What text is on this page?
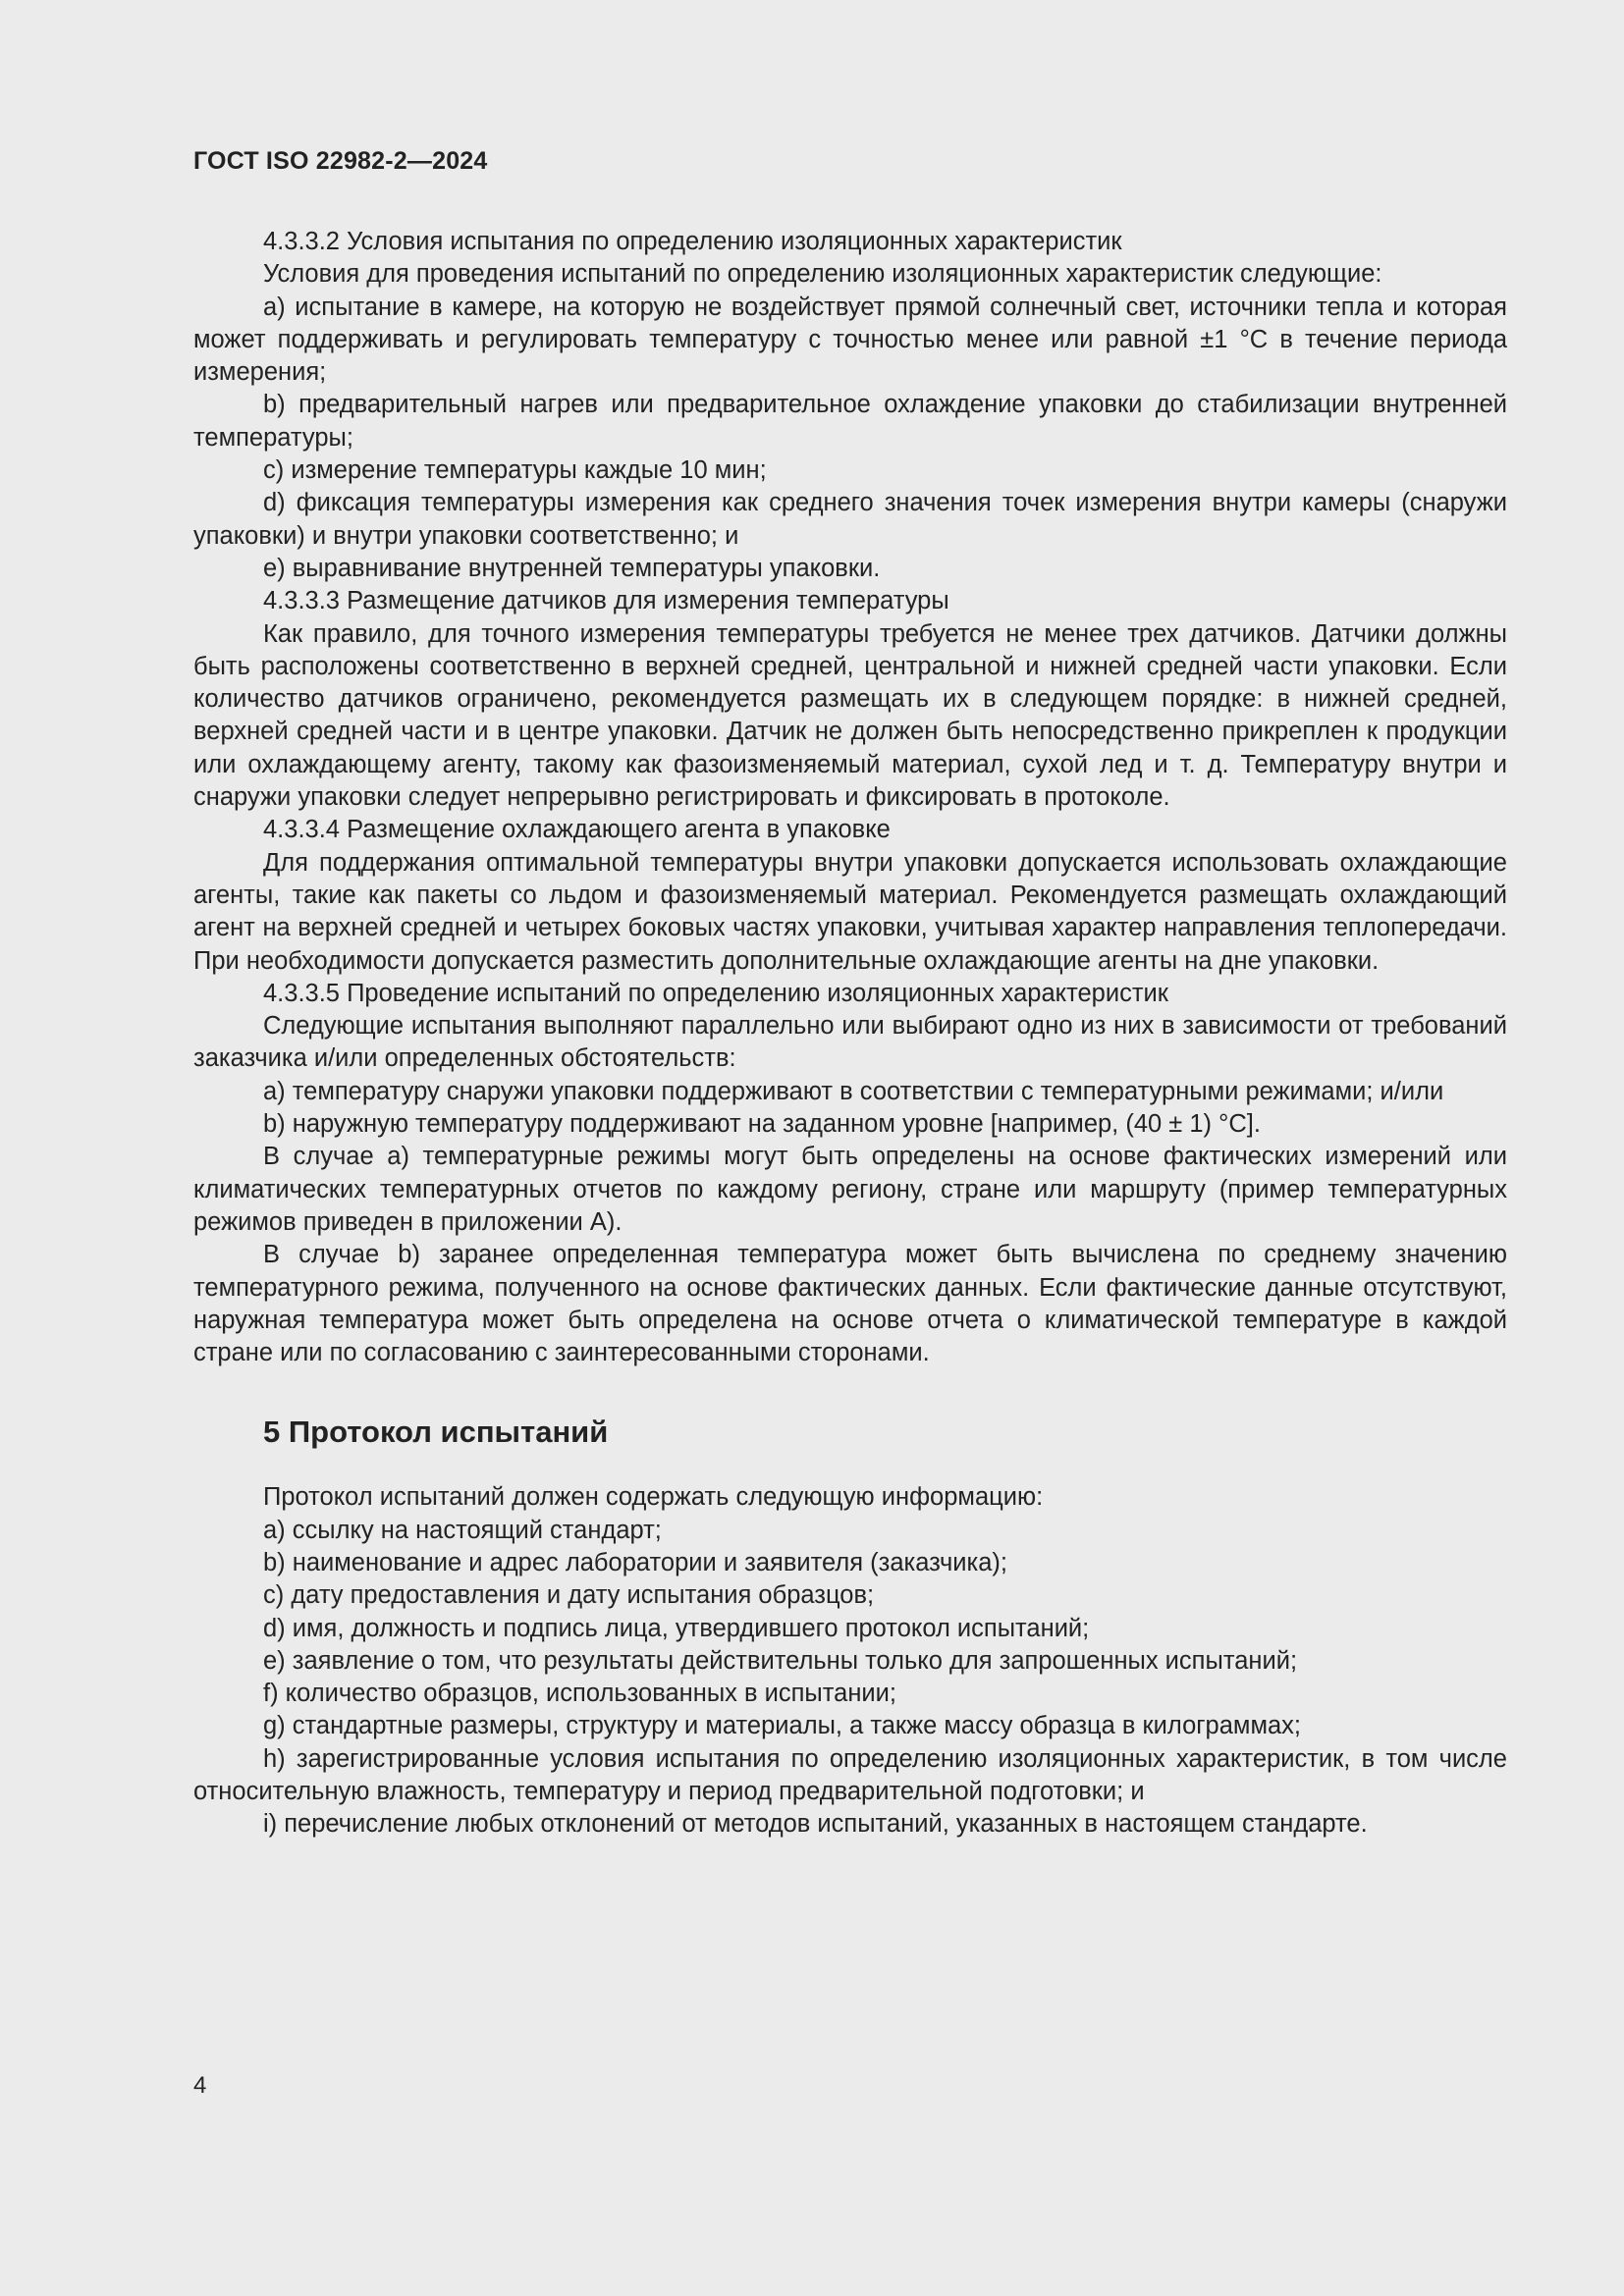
ГОСТ ISO 22982-2—2024

4.3.3.2 Условия испытания по определению изоляционных характеристик

Условия для проведения испытаний по определению изоляционных характеристик следующие:

a) испытание в камере, на которую не воздействует прямой солнечный свет, источники тепла и которая может поддерживать и регулировать температуру с точностью менее или равной ±1 °C в течение периода измерения;

b) предварительный нагрев или предварительное охлаждение упаковки до стабилизации внутренней температуры;

c) измерение температуры каждые 10 мин;

d) фиксация температуры измерения как среднего значения точек измерения внутри камеры (снаружи упаковки) и внутри упаковки соответственно; и

e) выравнивание внутренней температуры упаковки.

4.3.3.3 Размещение датчиков для измерения температуры

Как правило, для точного измерения температуры требуется не менее трех датчиков. Датчики должны быть расположены соответственно в верхней средней, центральной и нижней средней части упаковки. Если количество датчиков ограничено, рекомендуется размещать их в следующем порядке: в нижней средней, верхней средней части и в центре упаковки. Датчик не должен быть непосредственно прикреплен к продукции или охлаждающему агенту, такому как фазоизменяемый материал, сухой лед и т. д. Температуру внутри и снаружи упаковки следует непрерывно регистрировать и фиксировать в протоколе.

4.3.3.4 Размещение охлаждающего агента в упаковке

Для поддержания оптимальной температуры внутри упаковки допускается использовать охлаждающие агенты, такие как пакеты со льдом и фазоизменяемый материал. Рекомендуется размещать охлаждающий агент на верхней средней и четырех боковых частях упаковки, учитывая характер направления теплопередачи. При необходимости допускается разместить дополнительные охлаждающие агенты на дне упаковки.

4.3.3.5 Проведение испытаний по определению изоляционных характеристик

Следующие испытания выполняют параллельно или выбирают одно из них в зависимости от требований заказчика и/или определенных обстоятельств:

a) температуру снаружи упаковки поддерживают в соответствии с температурными режимами; и/или

b) наружную температуру поддерживают на заданном уровне [например, (40 ± 1) °C].

В случае a) температурные режимы могут быть определены на основе фактических измерений или климатических температурных отчетов по каждому региону, стране или маршруту (пример температурных режимов приведен в приложении A).

В случае b) заранее определенная температура может быть вычислена по среднему значению температурного режима, полученного на основе фактических данных. Если фактические данные отсутствуют, наружная температура может быть определена на основе отчета о климатической температуре в каждой стране или по согласованию с заинтересованными сторонами.

5 Протокол испытаний

Протокол испытаний должен содержать следующую информацию:

a) ссылку на настоящий стандарт;

b) наименование и адрес лаборатории и заявителя (заказчика);

c) дату предоставления и дату испытания образцов;

d) имя, должность и подпись лица, утвердившего протокол испытаний;

e) заявление о том, что результаты действительны только для запрошенных испытаний;

f) количество образцов, использованных в испытании;

g) стандартные размеры, структуру и материалы, а также массу образца в килограммах;

h) зарегистрированные условия испытания по определению изоляционных характеристик, в том числе относительную влажность, температуру и период предварительной подготовки; и

i) перечисление любых отклонений от методов испытаний, указанных в настоящем стандарте.

4
